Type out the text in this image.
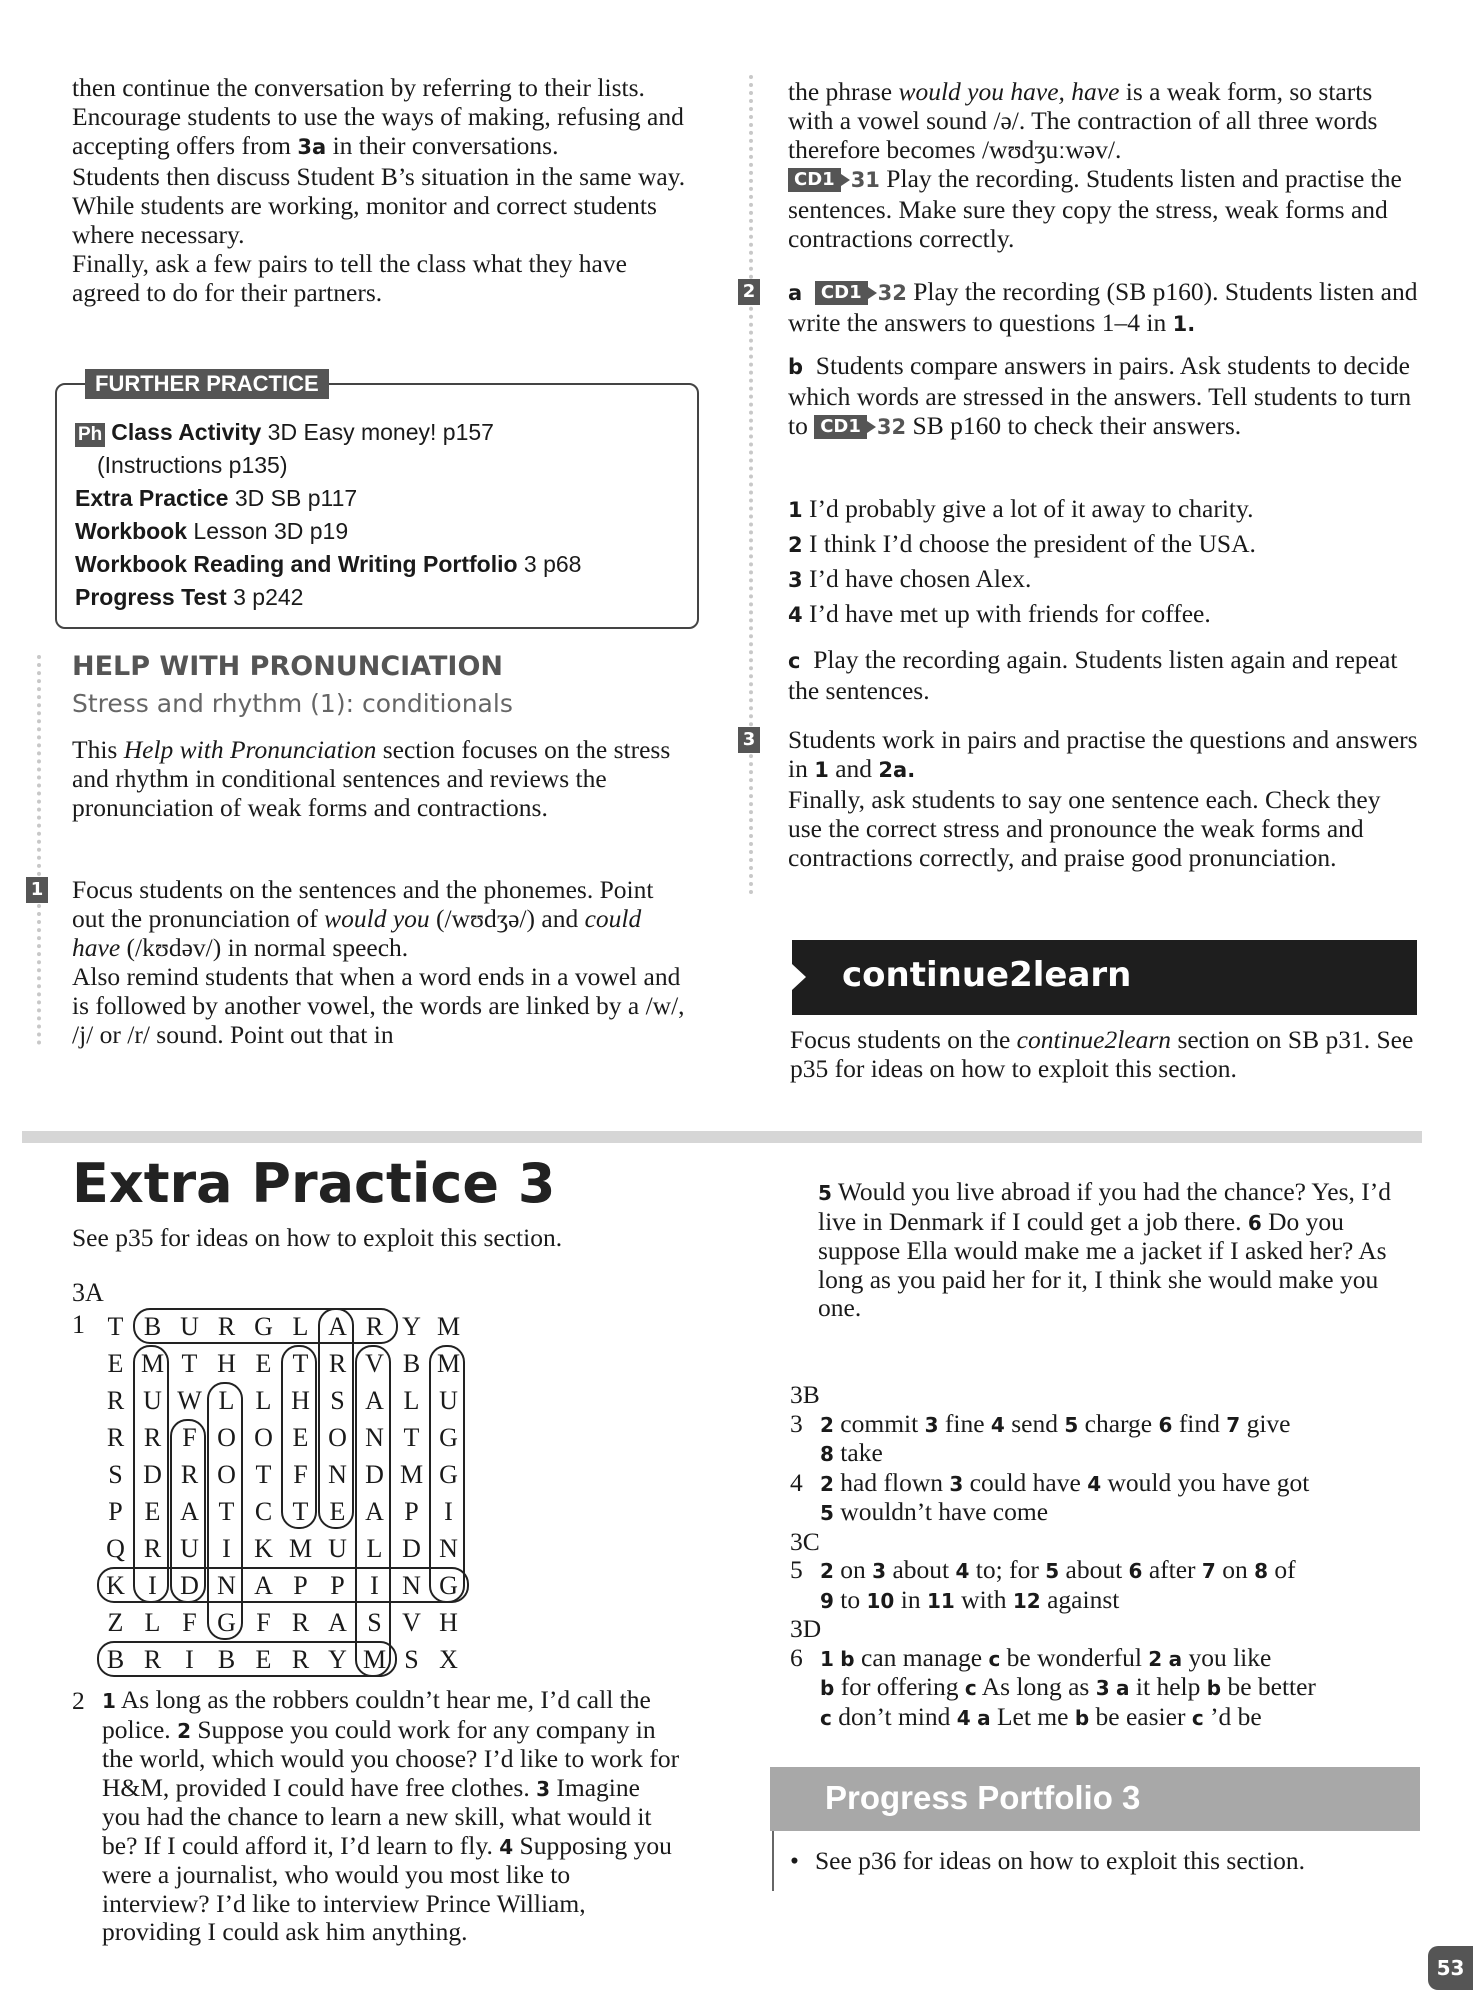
then continue the conversation by referring to their lists. Encourage students to use the ways of making, refusing and accepting offers from 3a in their conversations.

Students then discuss Student B’s situation in the same way. While students are working, monitor and correct students where necessary.

Finally, ask a few pairs to tell the class what they have agreed to do for their partners.

FURTHER PRACTICE
Ph Class Activity 3D Easy money! p157
(Instructions p135)
Extra Practice 3D SB p117
Workbook Lesson 3D p19
Workbook Reading and Writing Portfolio 3 p68
Progress Test 3 p242
HELP WITH PRONUNCIATION
Stress and rhythm (1): conditionals

This Help with Pronunciation section focuses on the stress and rhythm in conditional sentences and reviews the pronunciation of weak forms and contractions.

1 Focus students on the sentences and the phonemes. Point out the pronunciation of would you (/wʊdʒə/) and could have (/kʊdəv/) in normal speech.

Also remind students that when a word ends in a vowel and is followed by another vowel, the words are linked by a /w/, /j/ or /r/ sound. Point out that in

the phrase would you have, have is a weak form, so starts with a vowel sound /ə/. The contraction of all three words therefore becomes /wʊdʒuːwəv/.

CD1 31 Play the recording. Students listen and practise the sentences. Make sure they copy the stress, weak forms and contractions correctly.

2 a CD1 32 Play the recording (SB p160). Students listen and write the answers to questions 1–4 in 1.

b Students compare answers in pairs. Ask students to decide which words are stressed in the answers. Tell students to turn to CD1 32 SB p160 to check their answers.

1 I’d probably give a lot of it away to charity.
2 I think I’d choose the president of the USA.
3 I’d have chosen Alex.
4 I’d have met up with friends for coffee.

c Play the recording again. Students listen again and repeat the sentences.

3 Students work in pairs and practise the questions and answers in 1 and 2a.

Finally, ask students to say one sentence each. Check they use the correct stress and pronounce the weak forms and contractions correctly, and praise good pronunciation.

continue2learn

Focus students on the continue2learn section on SB p31. See p35 for ideas on how to exploit this section.

Extra Practice 3

See p35 for ideas on how to exploit this section.

3A
1 T B U R G L A R Y M
E M T H E T R V B M
R U W L L H S A L U
R R F O O E O N T G
S D R O T F N D M G
P E A T C T E A P I
Q R U I K M U L D N
K I D N A P P I N G
Z L F G F R A S V H
B R I B E R Y M S X
2 1 As long as the robbers couldn’t hear me, I’d call the police. 2 Suppose you could work for any company in the world, which would you choose? I’d like to work for H&M, provided I could have free clothes. 3 Imagine you had the chance to learn a new skill, what would it be? If I could afford it, I’d learn to fly. 4 Supposing you were a journalist, who would you most like to interview? I’d like to interview Prince William, providing I could ask him anything.

5 Would you live abroad if you had the chance? Yes, I’d live in Denmark if I could get a job there. 6 Do you suppose Ella would make me a jacket if I asked her? As long as you paid her for it, I think she would make you one.

3B
3 2 commit 3 fine 4 send 5 charge 6 find 7 give
8 take
4 2 had flown 3 could have 4 would you have got
5 wouldn’t have come
3C
5 2 on 3 about 4 to; for 5 about 6 after 7 on 8 of
9 to 10 in 11 with 12 against
3D
6 1 b can manage c be wonderful 2 a you like
b for offering c As long as 3 a it help b be better
c don’t mind 4 a Let me b be easier c ’d be
Progress Portfolio 3

• See p36 for ideas on how to exploit this section.

53
